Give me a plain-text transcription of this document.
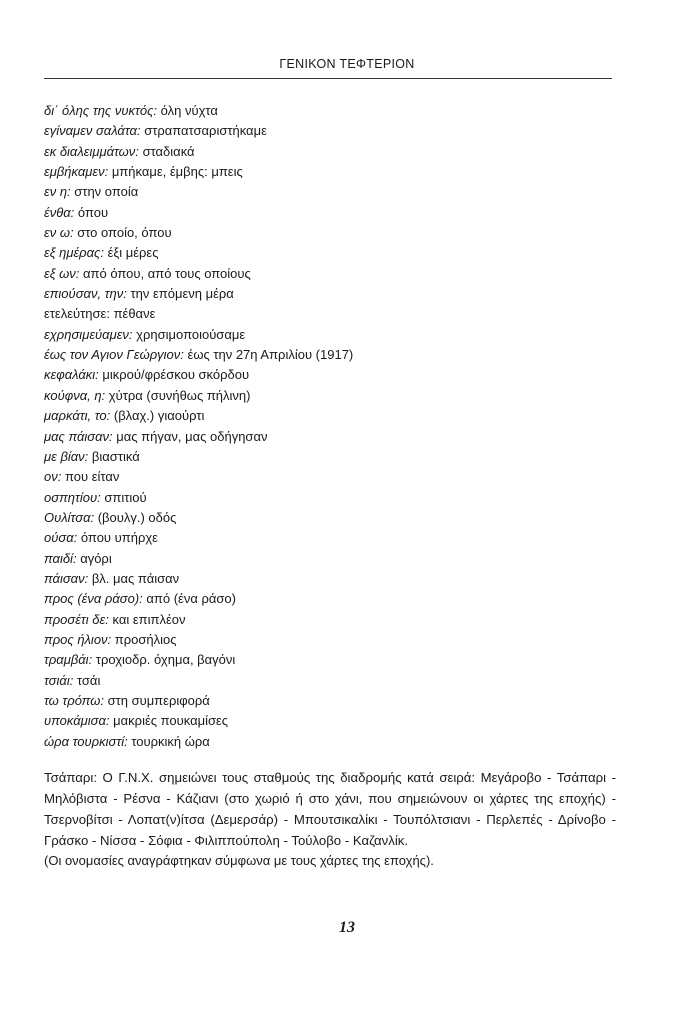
ΓΕΝΙΚΟΝ ΤΕΦΤΕΡΙΟΝ
δι΄ όλης της νυκτός: όλη νύχτα
εγίναμεν σαλάτα: στραπατσαριστήκαμε
εκ διαλειμμάτων: σταδιακά
εμβήκαμεν: μπήκαμε, έμβης: μπεις
εν η: στην οποία
ένθα: όπου
εν ω: στο οποίο, όπου
εξ ημέρας: έξι μέρες
εξ ων: από όπου, από τους οποίους
επιούσαν, την: την επόμενη μέρα
ετελεύτησε: πέθανε
εχρησιμεύαμεν: χρησιμοποιούσαμε
έως τον Αγιον Γεώργιον: έως την 27η Απριλίου (1917)
κεφαλάκι: μικρού/φρέσκου σκόρδου
κούφνα, η: χύτρα (συνήθως πήλινη)
μαρκάτι, το: (βλαχ.) γιαούρτι
μας πάισαν: μας πήγαν, μας οδήγησαν
με βίαν: βιαστικά
ον: που είταν
οσπητίου: σπιτιού
Ουλίτσα: (βουλγ.) οδός
ούσα: όπου υπήρχε
παιδί: αγόρι
πάισαν: βλ. μας πάισαν
προς (ένα ράσο): από (ένα ράσο)
προσέτι δε: και επιπλέον
προς ήλιον: προσήλιος
τραμβάι: τροχιοδρ. όχημα, βαγόνι
τσιάι: τσάι
τω τρόπω: στη συμπεριφορά
υποκάμισα: μακριές πουκαμίσες
ώρα τουρκιστί: τουρκική ώρα

Τσάπαρι: Ο Γ.Ν.Χ. σημειώνει τους σταθμούς της διαδρομής κατά σειρά: Μεγάροβο - Τσάπαρι -
Μηλόβιστα - Ρέσνα - Κάζιανι (στο χωριό ή στο χάνι, που σημειώνουν οι χάρτες της εποχής) -
Τσερνοβίτσι - Λοπατ(ν)ίτσα (Δεμερσάρ) - Μπουτσικαλίκι - Τουπόλτσιανι - Περλεπές - Δρίνοβο -
Γράσκο - Νίσσα - Σόφια - Φιλιππούπολη - Τούλοβο - Καζανλίκ.

(Οι ονομασίες αναγράφτηκαν σύμφωνα με τους χάρτες της εποχής).

13
